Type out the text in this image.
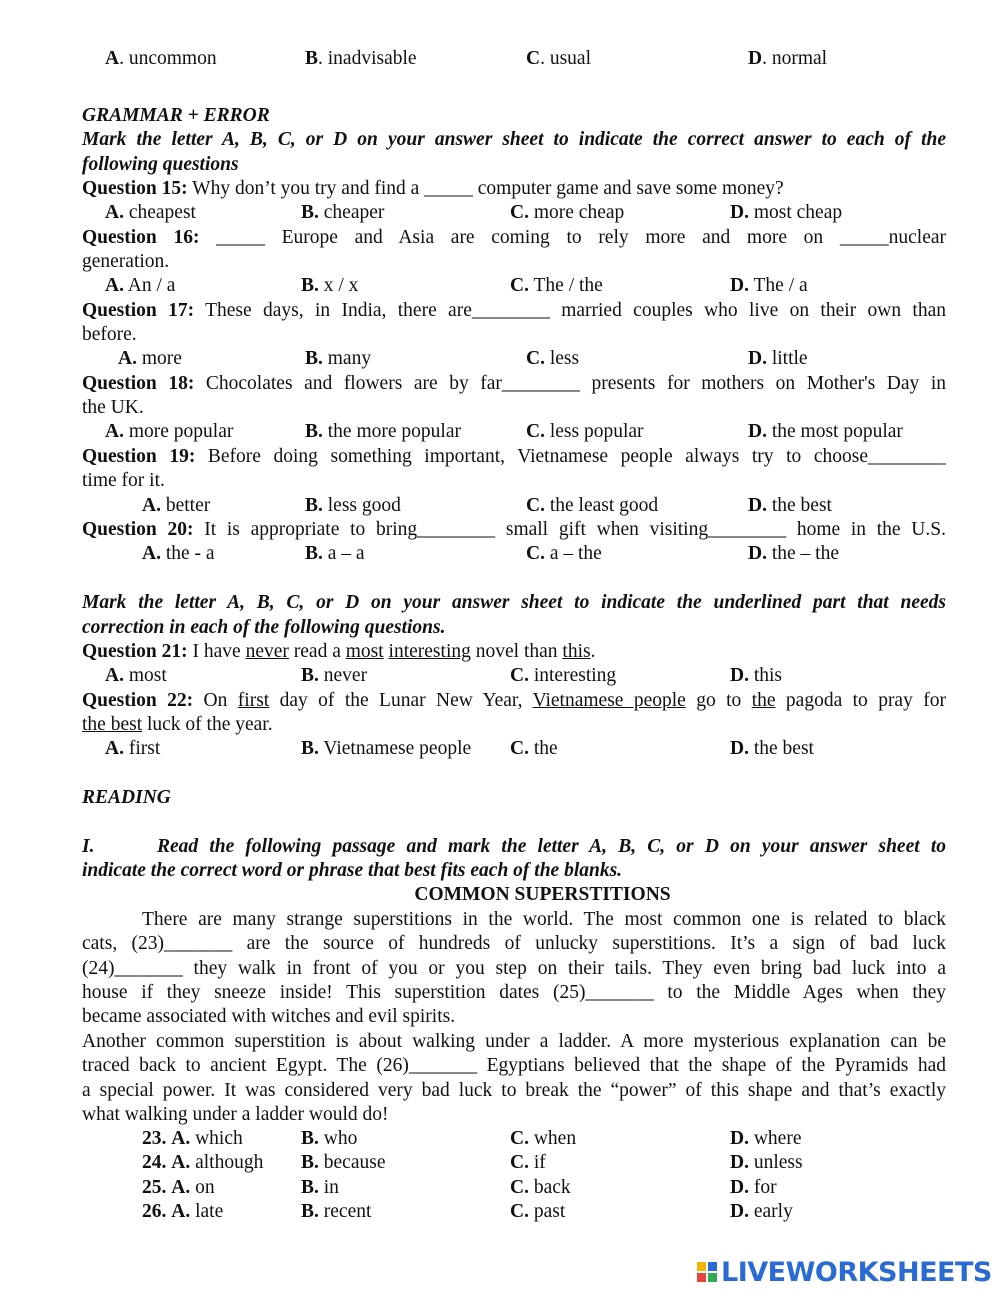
A. uncommon	B. inadvisable	C. usual	D. normal
GRAMMAR + ERROR
Mark the letter A, B, C, or D on your answer sheet to indicate the correct answer to each of the
following questions
Question 15: Why don’t you try and find a _____ computer game and save some money?
A. cheapest	B. cheaper	C. more cheap	D. most cheap
Question 16: _____ Europe and Asia are coming to rely more and more on _____nuclear
generation.
A. An / a	B. x / x	C. The / the	D. The / a
Question 17: These days, in India, there are________ married couples who live on their own than
before.
A. more	B. many	C. less	D. little
Question 18: Chocolates and flowers are by far________ presents for mothers on Mother's Day in
the UK.
A. more popular	B. the more popular	C. less popular	D. the most popular
Question 19: Before doing something important, Vietnamese people always try to choose________
time for it.
A. better	B. less good	C. the least good	D. the best
Question 20: It is appropriate to bring________ small gift when visiting________ home in the U.S.
A. the - a	B. a – a	C. a – the	D. the – the
Mark the letter A, B, C, or D on your answer sheet to indicate the underlined part that needs
correction in each of the following questions.
Question 21: I have never read a most interesting novel than this.
A. most	B. never	C. interesting	D. this
Question 22: On first day of the Lunar New Year, Vietnamese people go to the pagoda to pray for
the best luck of the year.
A. first	B. Vietnamese people C. the	D. the best
READING
I.	Read the following passage and mark the letter A, B, C, or D on your answer sheet to
indicate the correct word or phrase that best fits each of the blanks.
COMMON SUPERSTITIONS
There are many strange superstitions in the world. The most common one is related to black
cats, (23)_______ are the source of hundreds of unlucky superstitions. It’s a sign of bad luck
(24)_______ they walk in front of you or you step on their tails. They even bring bad luck into a
house if they sneeze inside! This superstition dates (25)_______ to the Middle Ages when they
became associated with witches and evil spirits.
Another common superstition is about walking under a ladder. A more mysterious explanation can be
traced back to ancient Egypt. The (26)_______ Egyptians believed that the shape of the Pyramids had
a special power. It was considered very bad luck to break the “power” of this shape and that’s exactly
what walking under a ladder would do!
23. A. which	B. who	C. when	D. where
24. A. although B. because	C. if	D. unless
25. A. on	B. in	C. back	D. for
26. A. late	B. recent	C. past	D. early
LIVEWORKSHEETS
